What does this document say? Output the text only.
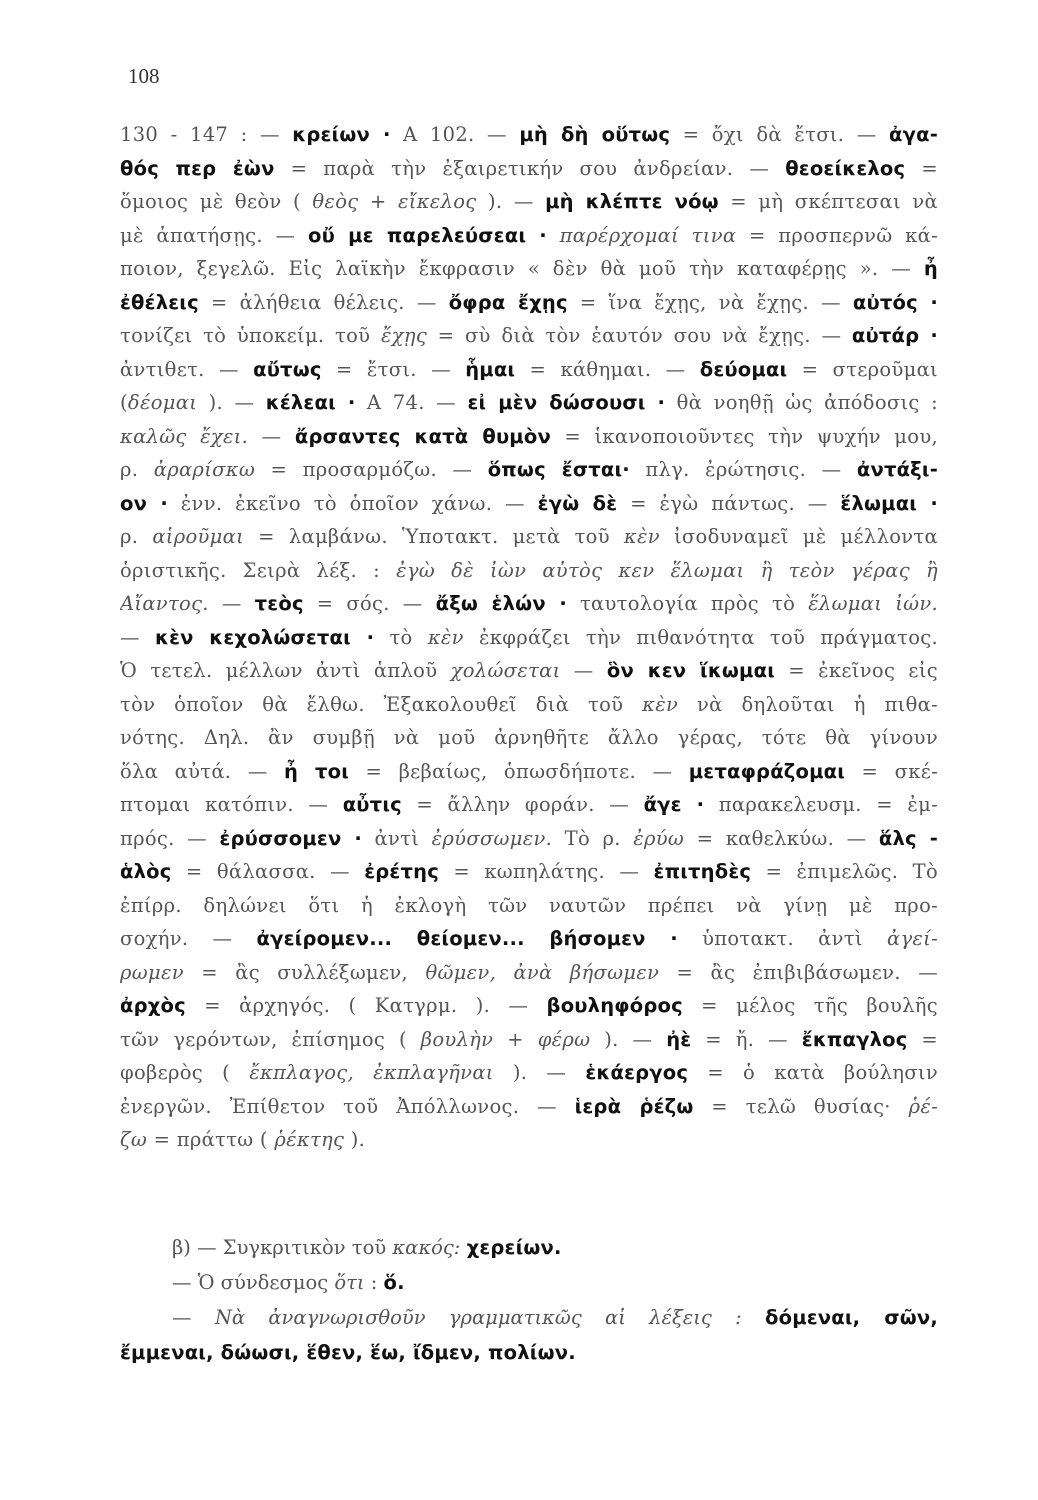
108
130 - 147 : — κρείων · Α 102. — μὴ δὴ οὕτως = ὄχι δὰ ἔτσι. — ἀγα-
θός περ ἐὼν = παρὰ τὴν ἐξαιρετικήν σου ἀνδρείαν. — θεοείκελος =
ὅμοιος μὲ θεὸν ( θεὸς + εἴκελος ). — μὴ κλέπτε νόῳ = μὴ σκέπτεσαι νὰ
μὲ ἀπατήσῃς. — οὔ με παρελεύσεαι · παρέρχομαί τινα = προσπερνῶ κά-
ποιον, ξεγελῶ. Εἰς λαϊκὴν ἔκφρασιν « δὲν θὰ μοῦ τὴν καταφέρῃς ». — ἦ
ἐθέλεις = ἀλήθεια θέλεις. — ὄφρα ἔχῃς = ἵνα ἔχῃς, νὰ ἔχῃς. — αὐτός ·
τονίζει τὸ ὑποκείμ. τοῦ ἔχῃς = σὺ διὰ τὸν ἑαυτόν σου νὰ ἔχῃς. — αὐτάρ ·
ἀντιθετ. — αὔτως = ἔτσι. — ἧμαι = κάθημαι. — δεύομαι = στεροῦμαι
(δέομαι ). — κέλεαι · Α 74. — εἰ μὲν δώσουσι · θὰ νοηθῇ ὡς ἀπόδοσις :
καλῶς ἔχει. — ἄρσαντες κατὰ θυμὸν = ἱκανοποιοῦντες τὴν ψυχήν μου,
ρ. ἀραρίσκω = προσαρμόζω. — ὅπως ἔσται· πλγ. ἐρώτησις. — ἀντάξι-
ον · ἐνν. ἐκεῖνο τὸ ὁποῖον χάνω. — ἐγὼ δὲ = ἐγὼ πάντως. — ἕλωμαι ·
ρ. αἱροῦμαι = λαμβάνω. Ὑποτακτ. μετὰ τοῦ κὲν ἰσοδυναμεῖ μὲ μέλλοντα
ὁριστικῆς. Σειρὰ λέξ. : ἐγὼ δὲ ἰὼν αὐτὸς κεν ἕλωμαι ἢ τεὸν γέρας ἢ
Αἴαντος. — τεὸς = σός. — ἄξω ἑλών · ταυτολογία πρὸς τὸ ἕλωμαι ἰών.
— κὲν κεχολώσεται · τὸ κὲν ἐκφράζει τὴν πιθανότητα τοῦ πράγματος.
Ὁ τετελ. μέλλων ἀντὶ ἁπλοῦ χολώσεται — ὃν κεν ἵκωμαι = ἐκεῖνος εἰς
τὸν ὁποῖον θὰ ἔλθω. Ἐξακολουθεῖ διὰ τοῦ κὲν νὰ δηλοῦται ἡ πιθα-
νότης. Δηλ. ἂν συμβῇ νὰ μοῦ ἀρνηθῆτε ἄλλο γέρας, τότε θὰ γίνουν
ὅλα αὐτά. — ἦ τοι = βεβαίως, ὁπωσδήποτε. — μεταφράζομαι = σκέ-
πτομαι κατόπιν. — αὖτις = ἄλλην φοράν. — ἄγε · παρακελευσμ. = ἐμ-
πρός. — ἐρύσσομεν · ἀντὶ ἐρύσσωμεν. Τὸ ρ. ἐρύω = καθελκύω. — ἅλς -
ἁλὸς = θάλασσα. — ἐρέτης = κωπηλάτης. — ἐπιτηδὲς = ἐπιμελῶς. Τὸ
ἐπίρρ. δηλώνει ὅτι ἡ ἐκλογὴ τῶν ναυτῶν πρέπει νὰ γίνῃ μὲ προ-
σοχήν. — ἀγείρομεν... θείομεν... βήσομεν · ὑποτακτ. ἀντὶ ἀγεί-
ρωμεν = ἂς συλλέξωμεν, θῶμεν, ἀνὰ βήσωμεν = ἂς ἐπιβιβάσωμεν. —
ἀρχὸς = ἀρχηγός. ( Κατγρμ. ). — βουληφόρος = μέλος τῆς βουλῆς
τῶν γερόντων, ἐπίσημος ( βουλὴν + φέρω ). — ἠὲ = ἤ. — ἔκπαγλος =
φοβερὸς ( ἔκπλαγος, ἐκπλαγῆναι ). — ἑκάεργος = ὁ κατὰ βούλησιν
ἐνεργῶν. Ἐπίθετον τοῦ Ἀπόλλωνος. — ἱερὰ ῥέζω = τελῶ θυσίας· ῥέ-
ζω = πράττω ( ῥέκτης ).
β) — Συγκριτικὸν τοῦ κακός: χερείων.
— Ὁ σύνδεσμος ὅτι : ὅ.
— Νὰ ἀναγνωρισθοῦν γραμματικῶς αἱ λέξεις : δόμεναι, σῶν,
ἔμμεναι, δώωσι, ἕθεν, ἕω, ἴδμεν, πολίων.
